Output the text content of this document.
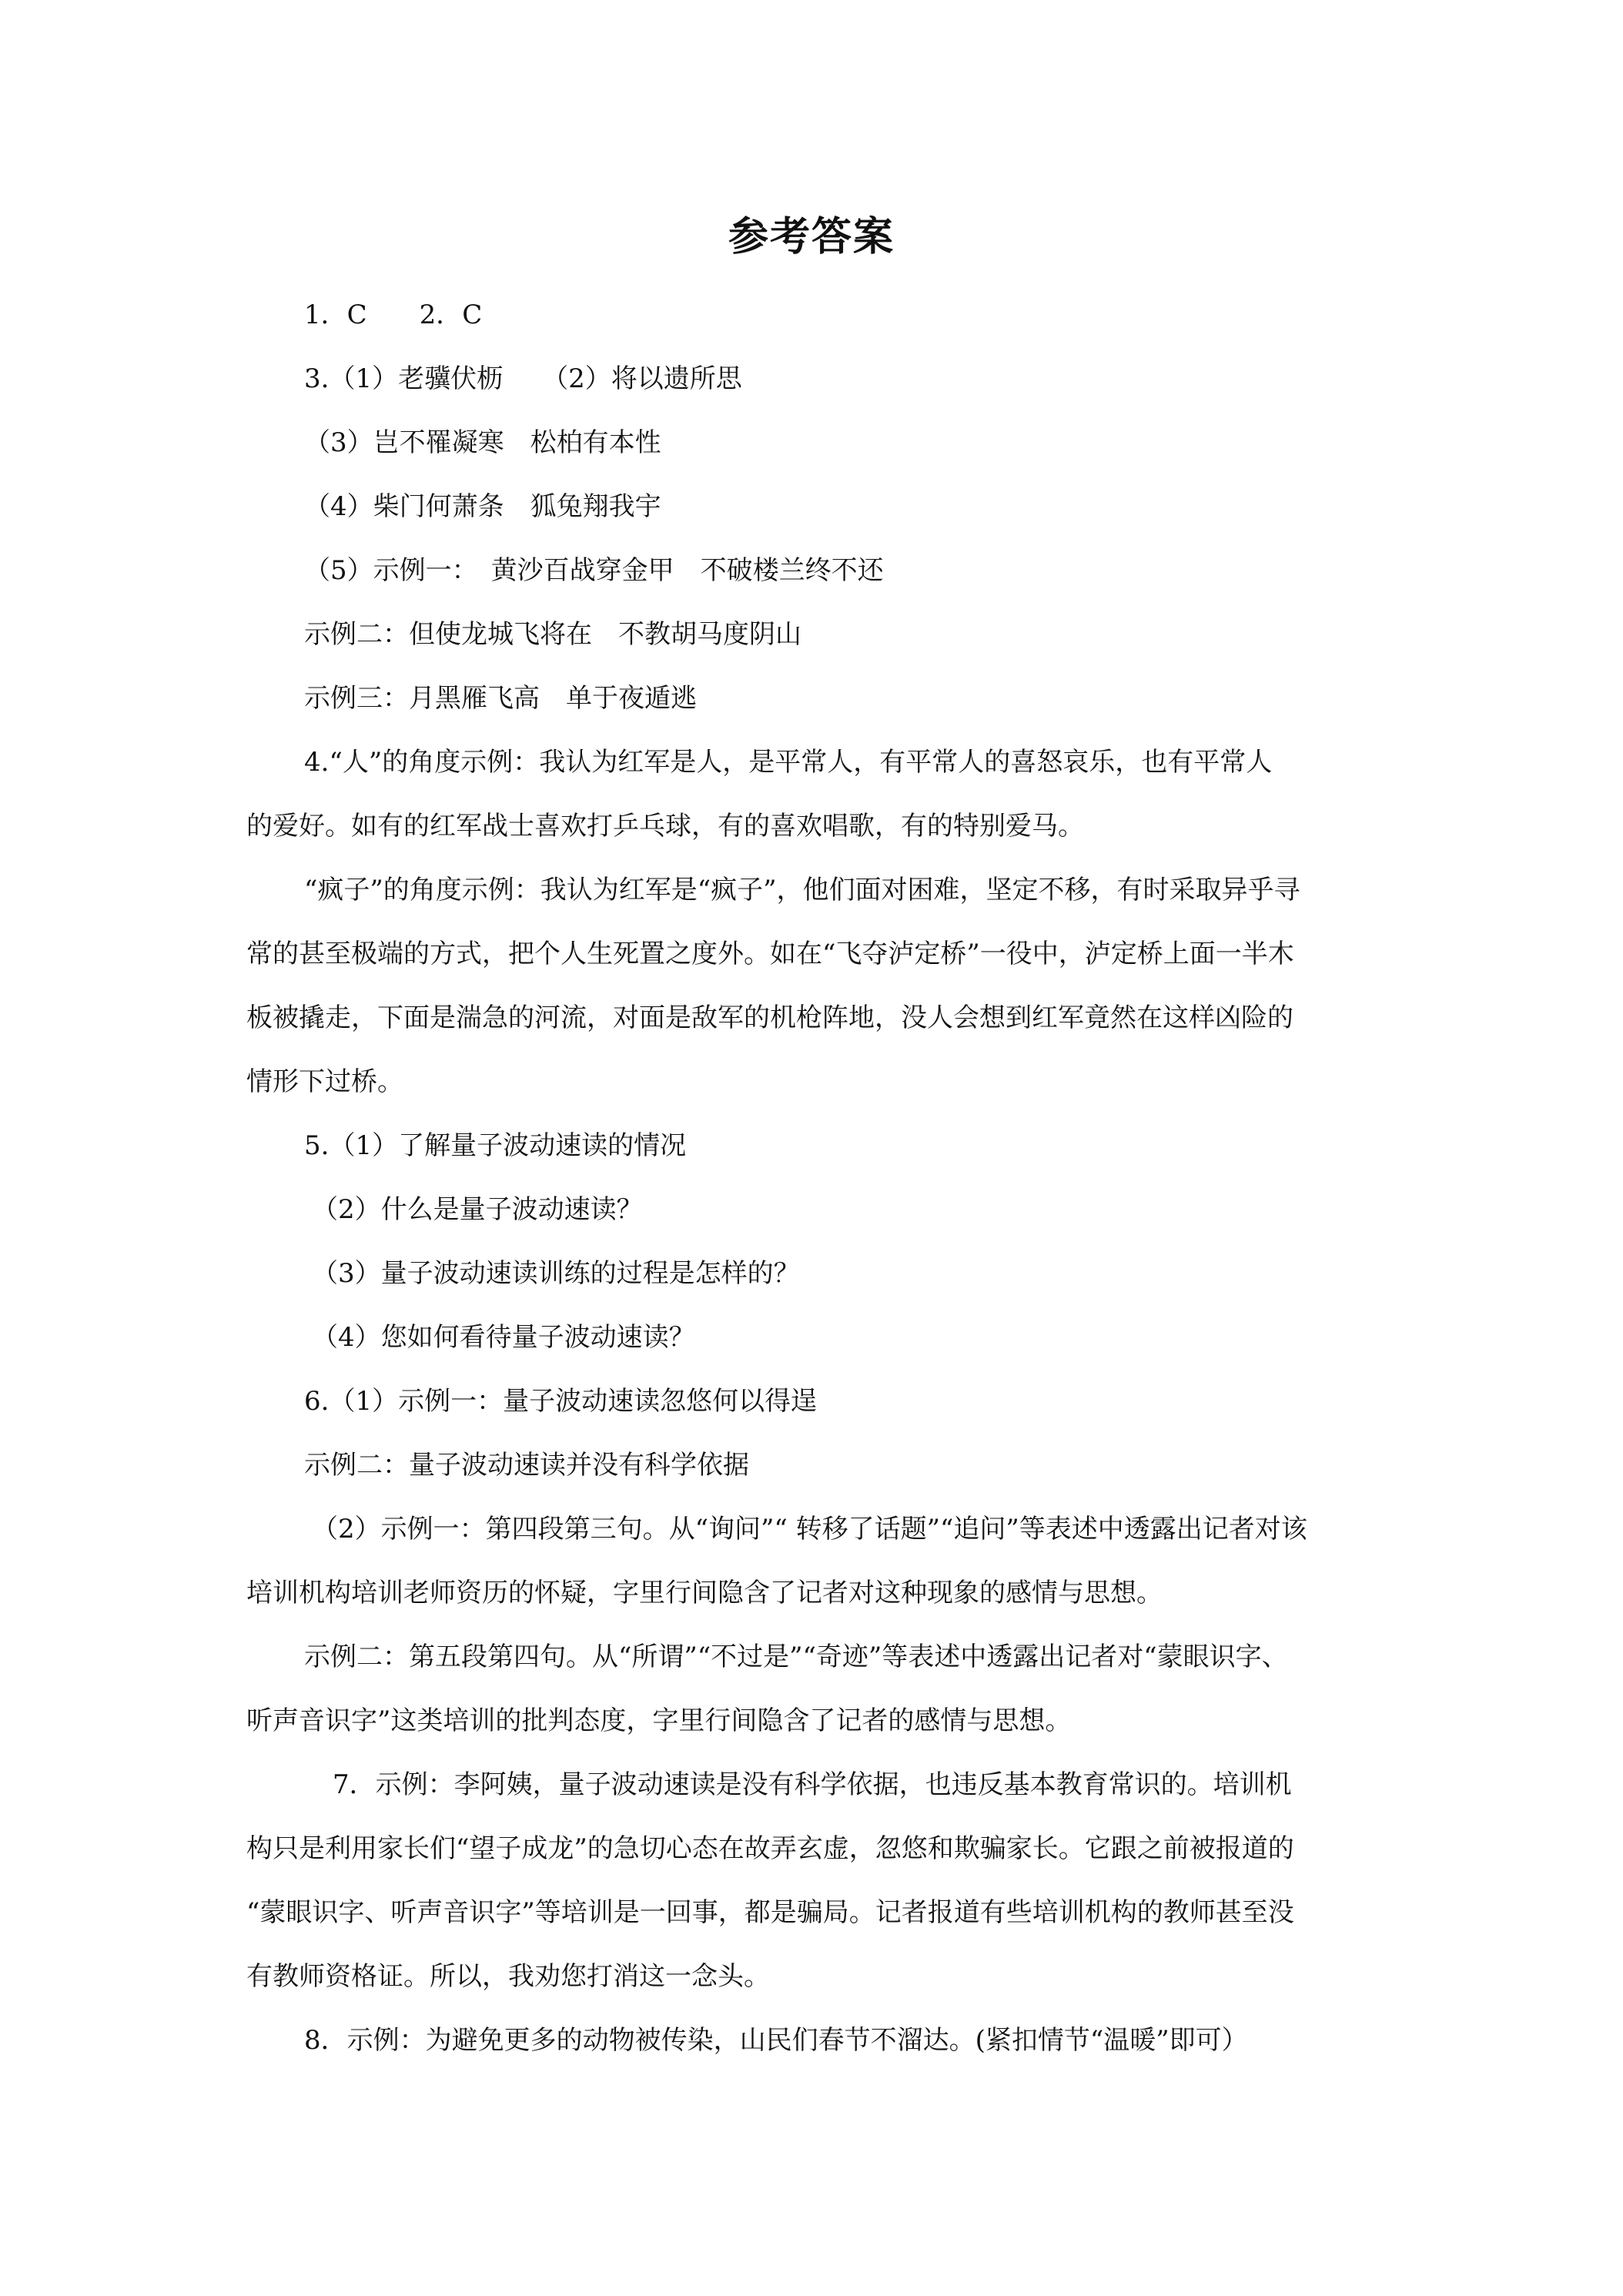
参考答案
1．C　　2．C
3.（1）老骥伏枥　　（2）将以遗所思
（3）岂不罹凝寒　松柏有本性
（4）柴门何萧条　狐兔翔我宇
（5）示例一：　黄沙百战穿金甲　不破楼兰终不还
示例二：但使龙城飞将在　不教胡马度阴山
示例三：月黑雁飞高　单于夜遁逃
4.“人”的角度示例：我认为红军是人，是平常人，有平常人的喜怒哀乐，也有平常人
的爱好。如有的红军战士喜欢打乒乓球，有的喜欢唱歌，有的特别爱马。
“疯子”的角度示例：我认为红军是“疯子”，他们面对困难，坚定不移，有时采取异乎寻
常的甚至极端的方式，把个人生死置之度外。如在“飞夺泸定桥”一役中，泸定桥上面一半木
板被撬走，下面是湍急的河流，对面是敌军的机枪阵地，没人会想到红军竟然在这样凶险的
情形下过桥。
5.（1）了解量子波动速读的情况
（2）什么是量子波动速读？
（3）量子波动速读训练的过程是怎样的？
（4）您如何看待量子波动速读？
6.（1）示例一：量子波动速读忽悠何以得逞
示例二：量子波动速读并没有科学依据
（2）示例一：第四段第三句。从“询问”“ 转移了话题”“追问”等表述中透露出记者对该
培训机构培训老师资历的怀疑，字里行间隐含了记者对这种现象的感情与思想。
示例二：第五段第四句。从“所谓”“不过是”“奇迹”等表述中透露出记者对“蒙眼识字、
听声音识字”这类培训的批判态度，字里行间隐含了记者的感情与思想。
7．示例：李阿姨，量子波动速读是没有科学依据，也违反基本教育常识的。培训机
构只是利用家长们“望子成龙”的急切心态在故弄玄虚，忽悠和欺骗家长。它跟之前被报道的
“蒙眼识字、听声音识字”等培训是一回事，都是骗局。记者报道有些培训机构的教师甚至没
有教师资格证。所以，我劝您打消这一念头。
8．示例：为避免更多的动物被传染，山民们春节不溜达。(紧扣情节“温暖”即可）
